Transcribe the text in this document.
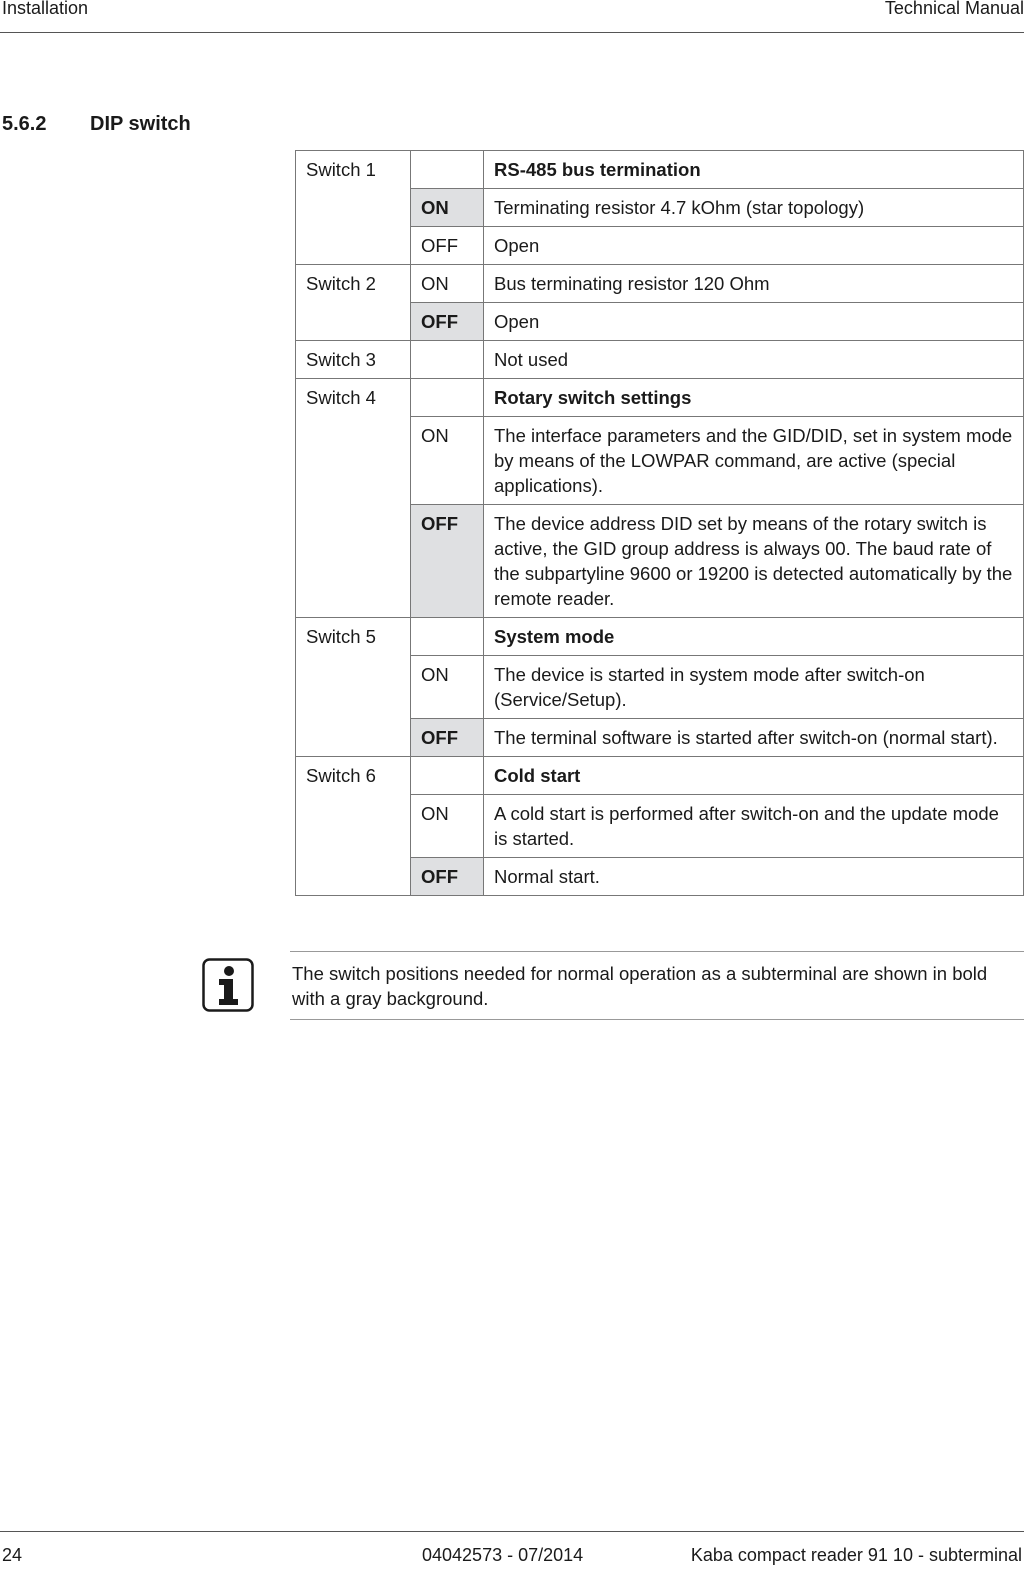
Installation	Technical Manual
5.6.2 DIP switch
Switch 1		RS-485 bus termination
	ON	Terminating resistor 4.7 kOhm (star topology)
	OFF	Open
Switch 2	ON	Bus terminating resistor 120 Ohm
	OFF	Open
Switch 3		Not used
Switch 4		Rotary switch settings
	ON	The interface parameters and the GID/DID, set in system mode by means of the LOWPAR command, are active (special applications).
	OFF	The device address DID set by means of the rotary switch is active, the GID group address is always 00. The baud rate of the subpartyline 9600 or 19200 is detected automatically by the remote reader.
Switch 5		System mode
	ON	The device is started in system mode after switch-on (Service/Setup).
	OFF	The terminal software is started after switch-on (normal start).
Switch 6		Cold start
	ON	A cold start is performed after switch-on and the update mode is started.
	OFF	Normal start.
The switch positions needed for normal operation as a subterminal are shown in bold with a gray background.
24	04042573 - 07/2014	Kaba compact reader 91 10 - subterminal
